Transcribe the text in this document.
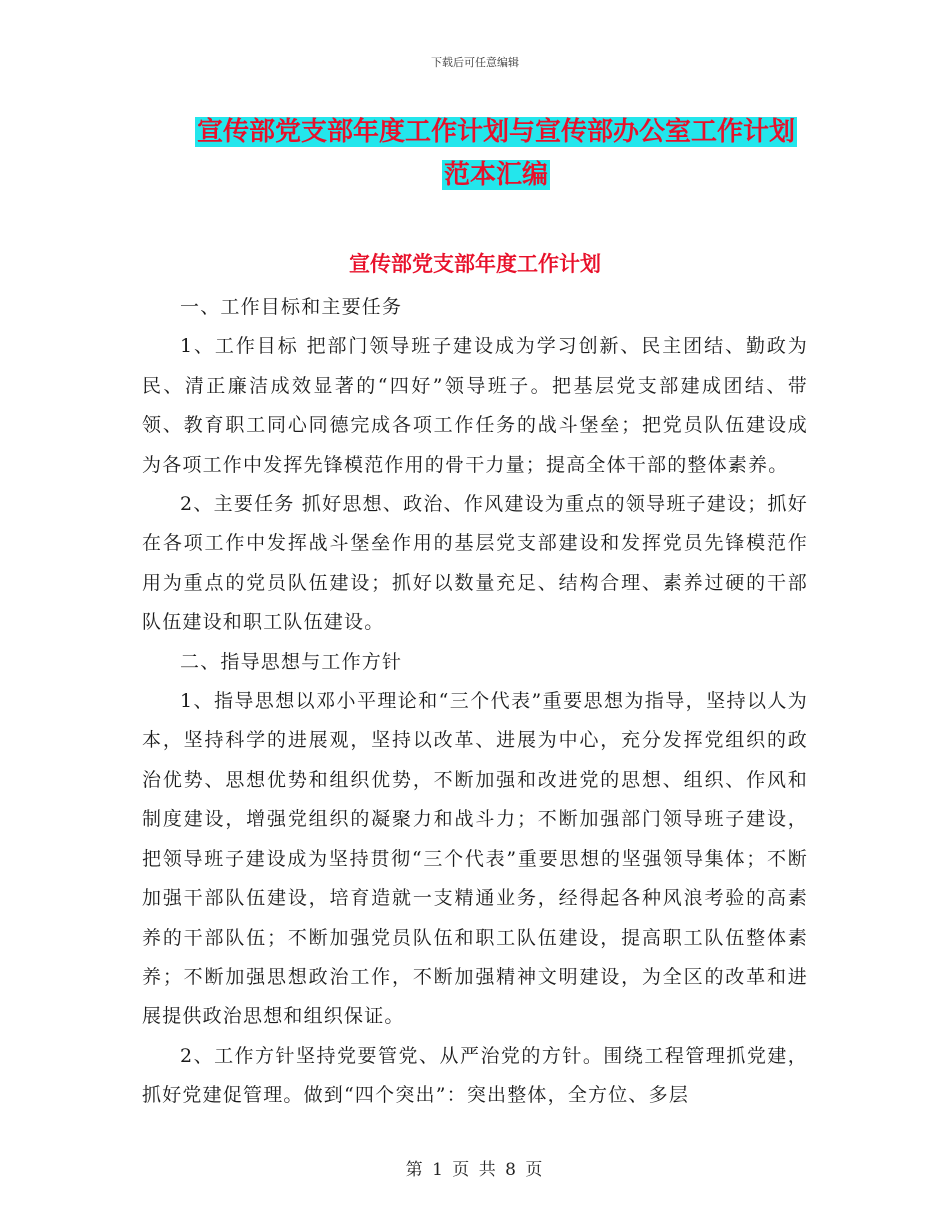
下载后可任意编辑
宣传部党支部年度工作计划与宣传部办公室工作计划
范本汇编
宣传部党支部年度工作计划

一、工作目标和主要任务

1、工作目标 把部门领导班子建设成为学习创新、民主团结、勤政为民、清正廉洁成效显著的“四好”领导班子。把基层党支部建成团结、带领、教育职工同心同德完成各项工作任务的战斗堡垒；把党员队伍建设成为各项工作中发挥先锋模范作用的骨干力量；提高全体干部的整体素养。

2、主要任务 抓好思想、政治、作风建设为重点的领导班子建设；抓好在各项工作中发挥战斗堡垒作用的基层党支部建设和发挥党员先锋模范作用为重点的党员队伍建设；抓好以数量充足、结构合理、素养过硬的干部队伍建设和职工队伍建设。

二、指导思想与工作方针

1、指导思想以邓小平理论和“三个代表”重要思想为指导，坚持以人为本，坚持科学的进展观，坚持以改革、进展为中心，充分发挥党组织的政治优势、思想优势和组织优势，不断加强和改进党的思想、组织、作风和制度建设，增强党组织的凝聚力和战斗力；不断加强部门领导班子建设，把领导班子建设成为坚持贯彻“三个代表”重要思想的坚强领导集体；不断加强干部队伍建设，培育造就一支精通业务，经得起各种风浪考验的高素养的干部队伍；不断加强党员队伍和职工队伍建设，提高职工队伍整体素养；不断加强思想政治工作，不断加强精神文明建设，为全区的改革和进展提供政治思想和组织保证。

2、工作方针坚持党要管党、从严治党的方针。围绕工程管理抓党建，抓好党建促管理。做到“四个突出”：突出整体，全方位、多层

第 1 页 共 8 页
